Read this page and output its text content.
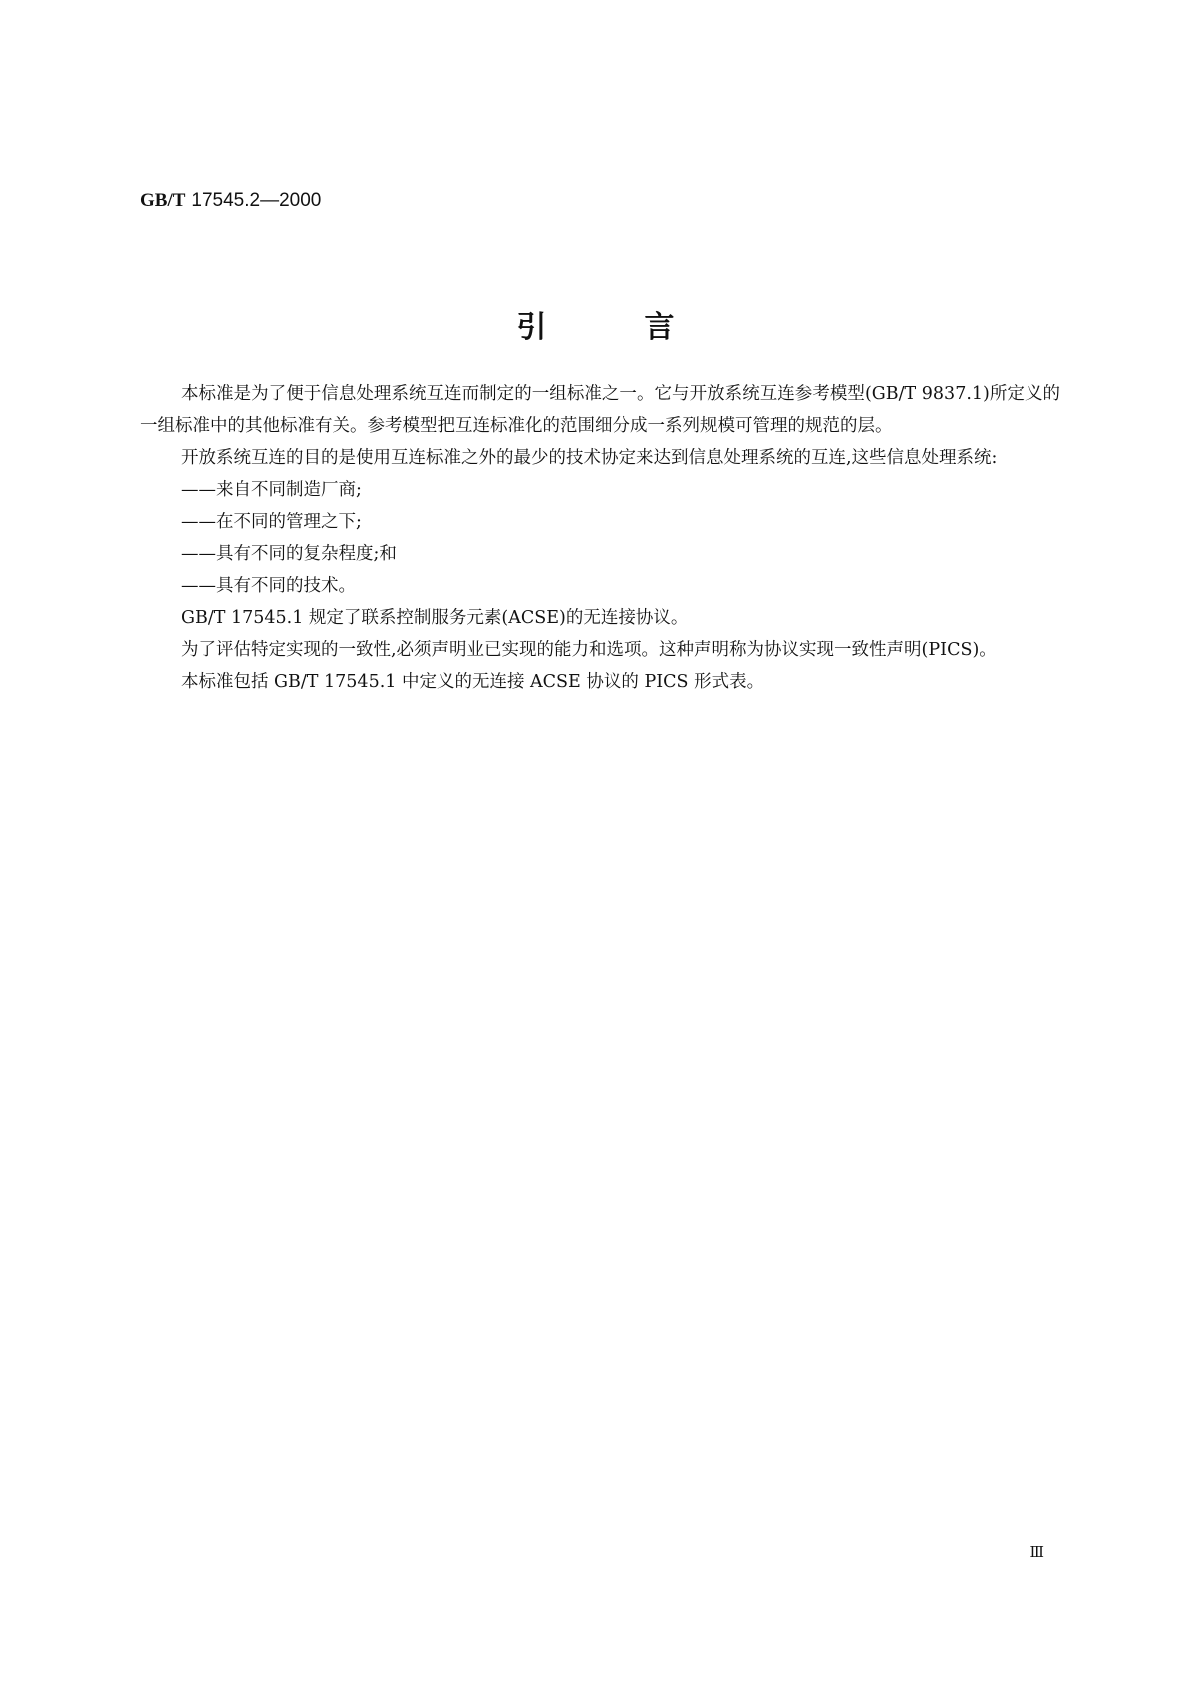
GB/T 17545.2—2000
引言

本标准是为了便于信息处理系统互连而制定的一组标准之一。它与开放系统互连参考模型(GB/T 9837.1)所定义的一组标准中的其他标准有关。参考模型把互连标准化的范围细分成一系列规模可管理的规范的层。

开放系统互连的目的是使用互连标准之外的最少的技术协定来达到信息处理系统的互连,这些信息处理系统:

——来自不同制造厂商;

——在不同的管理之下;

——具有不同的复杂程度;和

——具有不同的技术。

GB/T 17545.1 规定了联系控制服务元素(ACSE)的无连接协议。

为了评估特定实现的一致性,必须声明业已实现的能力和选项。这种声明称为协议实现一致性声明(PICS)。

本标准包括 GB/T 17545.1 中定义的无连接 ACSE 协议的 PICS 形式表。

Ⅲ
